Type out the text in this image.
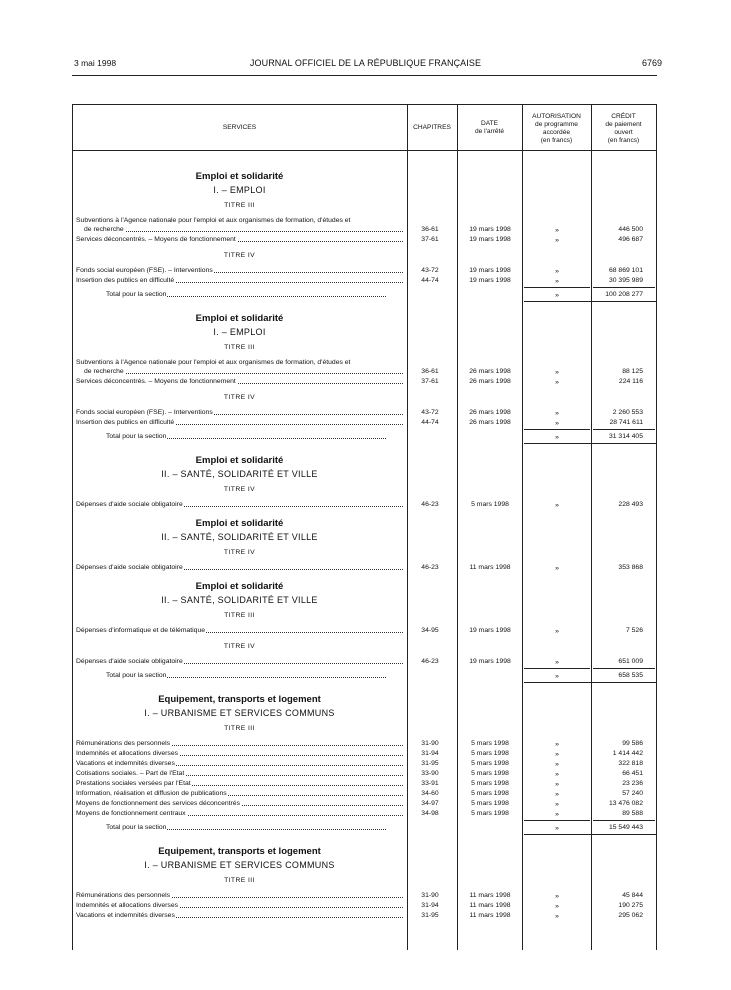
3 mai 1998	JOURNAL OFFICIEL DE LA RÉPUBLIQUE FRANÇAISE	6769
SERVICES	CHAPITRES
DATE
de l'arrêté
AUTORISATION
de programme
accordée
(en francs)
CRÉDIT
de paiement
ouvert
(en francs)
Emploi et solidarité
I. – EMPLOI
TITRE III
Subventions à l'Agence nationale pour l'emploi et aux organismes de formation, d'études et
de recherche	36-61	19 mars 1998	»	446 500
Services déconcentrés. – Moyens de fonctionnement	37-61	19 mars 1998	»	496 687
TITRE IV
Fonds social européen (FSE). – Interventions	43-72	19 mars 1998	»	68 869 101
Insertion des publics en difficulté	44-74	19 mars 1998	»	30 395 989
Total pour la section	»	100 208 277
Emploi et solidarité
I. – EMPLOI
TITRE III
Subventions à l'Agence nationale pour l'emploi et aux organismes de formation, d'études et
de recherche	36-61	26 mars 1998	»	88 125
Services déconcentrés. – Moyens de fonctionnement	37-61	26 mars 1998	»	224 116
TITRE IV
Fonds social européen (FSE). – Interventions	43-72	26 mars 1998	»	2 260 553
Insertion des publics en difficulté	44-74	26 mars 1998	»	28 741 611
Total pour la section	»	31 314 405
Emploi et solidarité
II. – SANTÉ, SOLIDARITÉ ET VILLE
TITRE IV
Dépenses d'aide sociale obligatoire	46-23	5 mars 1998	»	228 493
Emploi et solidarité
II. – SANTÉ, SOLIDARITÉ ET VILLE
TITRE IV
Dépenses d'aide sociale obligatoire	46-23	11 mars 1998	»	353 868
Emploi et solidarité
II. – SANTÉ, SOLIDARITÉ ET VILLE
TITRE III
Dépenses d'informatique et de télématique	34-95	19 mars 1998	»	7 526
TITRE IV
Dépenses d'aide sociale obligatoire	46-23	19 mars 1998	»	651 009
Total pour la section	»	658 535
Equipement, transports et logement
I. – URBANISME ET SERVICES COMMUNS
TITRE III
Rémunérations des personnels	31-90	5 mars 1998	»	99 586
Indemnités et allocations diverses	31-94	5 mars 1998	»	1 414 442
Vacations et indemnités diverses	31-95	5 mars 1998	»	322 818
Cotisations sociales. – Part de l'Etat	33-90	5 mars 1998	»	66 451
Prestations sociales versées par l'Etat	33-91	5 mars 1998	»	23 236
Information, réalisation et diffusion de publications	34-60	5 mars 1998	»	57 240
Moyens de fonctionnement des services déconcentrés	34-97	5 mars 1998	»	13 476 082
Moyens de fonctionnement centraux	34-98	5 mars 1998	»	89 588
Total pour la section	»	15 549 443
Equipement, transports et logement
I. – URBANISME ET SERVICES COMMUNS
TITRE III
Rémunérations des personnels	31-90	11 mars 1998	»	45 844
Indemnités et allocations diverses	31-94	11 mars 1998	»	190 275
Vacations et indemnités diverses	31-95	11 mars 1998	»	295 062
